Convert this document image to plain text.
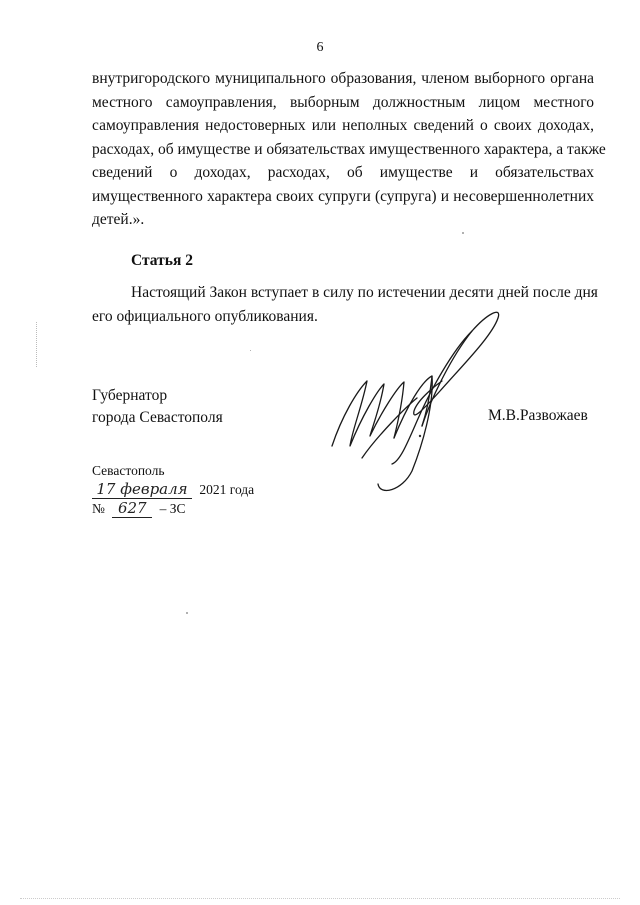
6
внутригородского муниципального образования, членом выборного органа
местного самоуправления, выборным должностным лицом местного
самоуправления недостоверных или неполных сведений о своих доходах,
расходах, об имуществе и обязательствах имущественного характера, а также
сведений о доходах, расходах, об имуществе и обязательствах
имущественного характера своих супруги (супруга) и несовершеннолетних
детей.».
Статья 2
Настоящий Закон вступает в силу по истечении десяти дней после дня
его официального опубликования.
Губернатор
города Севастополя	М.В.Развожаев
Севастополь
17 февраля 2021 года
№ 627 – ЗС
